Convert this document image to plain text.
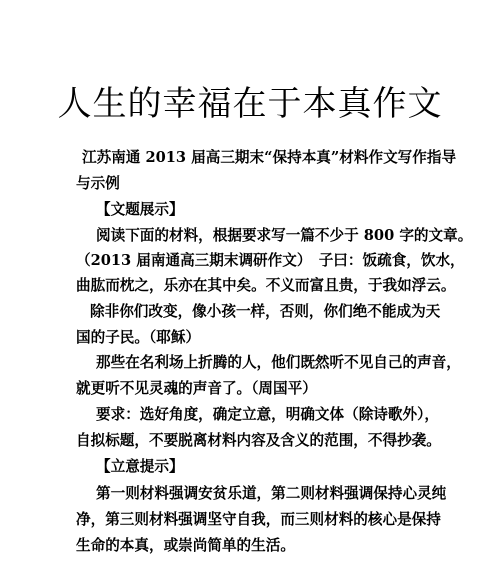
人生的幸福在于本真作文
江苏南通 2013 届高三期末“保持本真”材料作文写作指导
与示例
【文题展示】
阅读下面的材料，根据要求写一篇不少于 800 字的文章。
（2013 届南通高三期末调研作文）　子曰：饭疏食，饮水，
曲肱而枕之，乐亦在其中矣。不义而富且贵，于我如浮云。
除非你们改变，像小孩一样，否则，你们绝不能成为天
国的子民。（耶稣）
那些在名利场上折腾的人，他们既然听不见自己的声音，
就更听不见灵魂的声音了。（周国平）
要求：选好角度，确定立意，明确文体（除诗歌外），
自拟标题，不要脱离材料内容及含义的范围，不得抄袭。
【立意提示】
第一则材料强调安贫乐道，第二则材料强调保持心灵纯
净，第三则材料强调坚守自我，而三则材料的核心是保持
生命的本真，或崇尚简单的生活。
